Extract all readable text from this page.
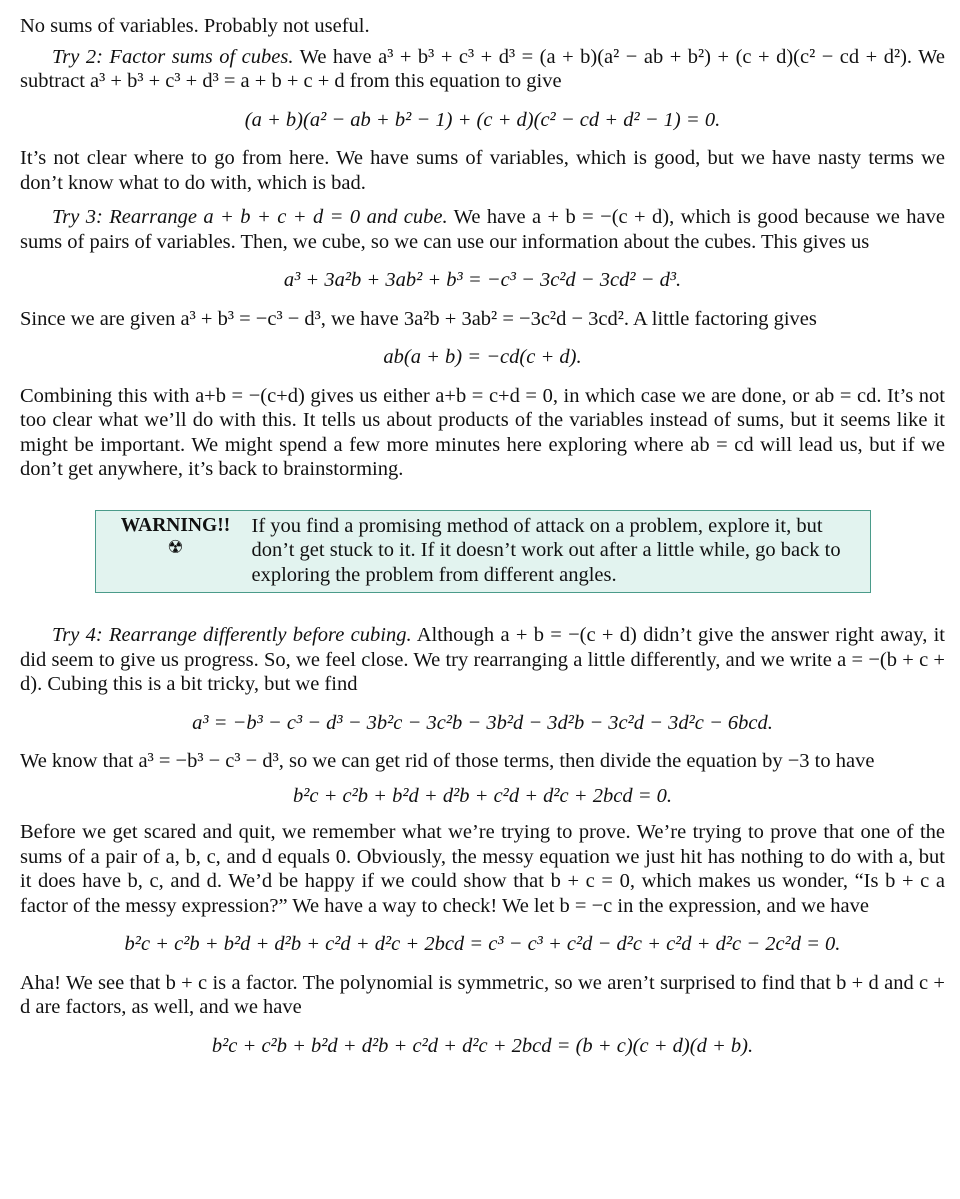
No sums of variables. Probably not useful.

Try 2: Factor sums of cubes. We have a³ + b³ + c³ + d³ = (a + b)(a² − ab + b²) + (c + d)(c² − cd + d²). We subtract a³ + b³ + c³ + d³ = a + b + c + d from this equation to give

(a + b)(a² − ab + b² − 1) + (c + d)(c² − cd + d² − 1) = 0.

It’s not clear where to go from here. We have sums of variables, which is good, but we have nasty terms we don’t know what to do with, which is bad.

Try 3: Rearrange a + b + c + d = 0 and cube. We have a + b = −(c + d), which is good because we have sums of pairs of variables. Then, we cube, so we can use our information about the cubes. This gives us

a³ + 3a²b + 3ab² + b³ = −c³ − 3c²d − 3cd² − d³.

Since we are given a³ + b³ = −c³ − d³, we have 3a²b + 3ab² = −3c²d − 3cd². A little factoring gives

ab(a + b) = −cd(c + d).

Combining this with a+b = −(c+d) gives us either a+b = c+d = 0, in which case we are done, or ab = cd. It’s not too clear what we’ll do with this. It tells us about products of the variables instead of sums, but it seems like it might be important. We might spend a few more minutes here exploring where ab = cd will lead us, but if we don’t get anywhere, it’s back to brainstorming.

WARNING!!
☢
If you find a promising method of attack on a problem, explore it, but don’t get stuck to it. If it doesn’t work out after a little while, go back to exploring the problem from different angles.

Try 4: Rearrange differently before cubing. Although a + b = −(c + d) didn’t give the answer right away, it did seem to give us progress. So, we feel close. We try rearranging a little differently, and we write a = −(b + c + d). Cubing this is a bit tricky, but we find

a³ = −b³ − c³ − d³ − 3b²c − 3c²b − 3b²d − 3d²b − 3c²d − 3d²c − 6bcd.

We know that a³ = −b³ − c³ − d³, so we can get rid of those terms, then divide the equation by −3 to have

b²c + c²b + b²d + d²b + c²d + d²c + 2bcd = 0.

Before we get scared and quit, we remember what we’re trying to prove. We’re trying to prove that one of the sums of a pair of a, b, c, and d equals 0. Obviously, the messy equation we just hit has nothing to do with a, but it does have b, c, and d. We’d be happy if we could show that b + c = 0, which makes us wonder, “Is b + c a factor of the messy expression?” We have a way to check! We let b = −c in the expression, and we have

b²c + c²b + b²d + d²b + c²d + d²c + 2bcd = c³ − c³ + c²d − d²c + c²d + d²c − 2c²d = 0.

Aha! We see that b + c is a factor. The polynomial is symmetric, so we aren’t surprised to find that b + d and c + d are factors, as well, and we have

b²c + c²b + b²d + d²b + c²d + d²c + 2bcd = (b + c)(c + d)(d + b).
